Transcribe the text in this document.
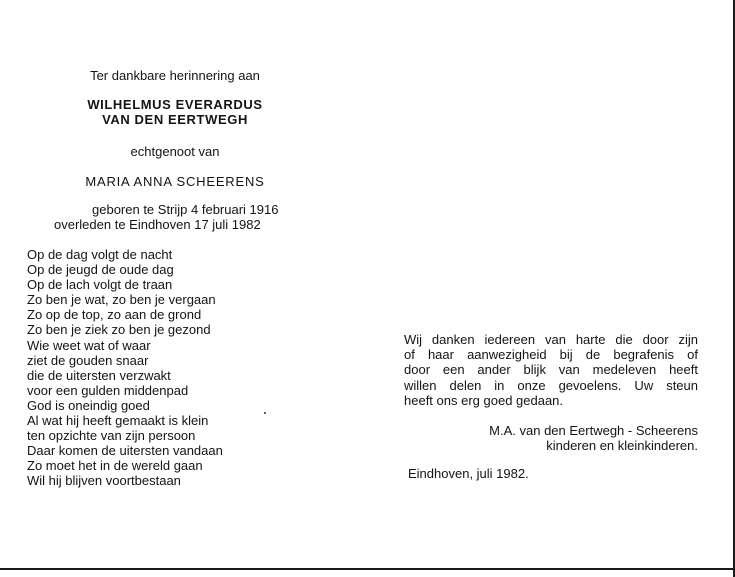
Ter dankbare herinnering aan
WILHELMUS EVERARDUS
VAN DEN EERTWEGH
echtgenoot van
MARIA ANNA SCHEERENS
geboren te Strijp 4 februari 1916
overleden te Eindhoven 17 juli 1982
Op de dag volgt de nacht
Op de jeugd de oude dag
Op de lach volgt de traan
Zo ben je wat, zo ben je vergaan
Zo op de top, zo aan de grond
Zo ben je ziek zo ben je gezond
Wie weet wat of waar
ziet de gouden snaar
die de uitersten verzwakt
voor een gulden middenpad
God is oneindig goed
Al wat hij heeft gemaakt is klein
ten opzichte van zijn persoon
Daar komen de uitersten vandaan
Zo moet het in de wereld gaan
Wil hij blijven voortbestaan
Wij danken iedereen van harte die door zijn
of haar aanwezigheid bij de begrafenis of
door een ander blijk van medeleven heeft
willen delen in onze gevoelens. Uw steun
heeft ons erg goed gedaan.
M.A. van den Eertwegh - Scheerens
kinderen en kleinkinderen.
Eindhoven, juli 1982.
